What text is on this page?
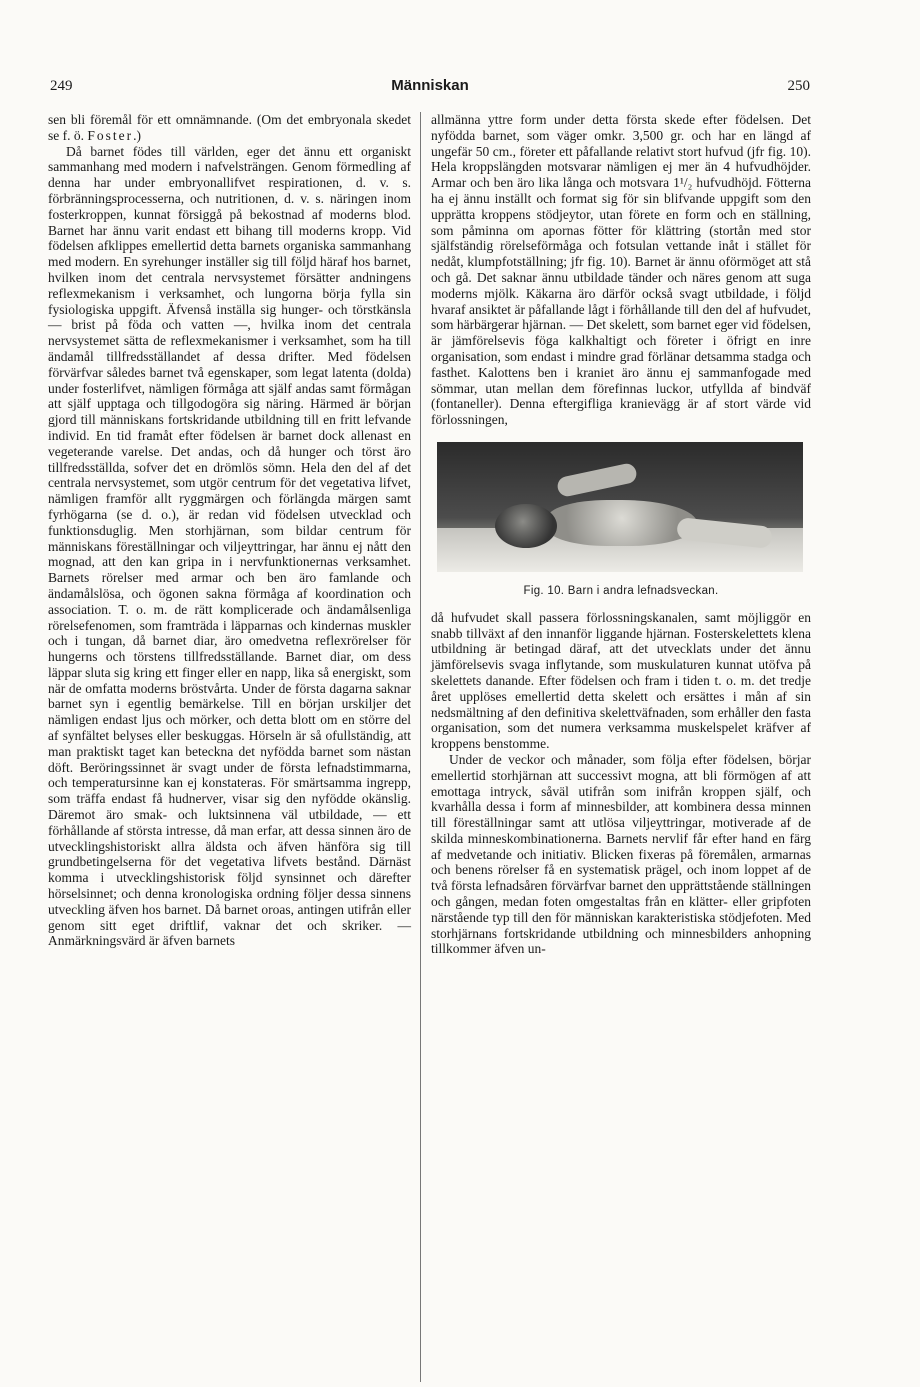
249	Människan	250

sen bli föremål för ett omnämnande. (Om det embryonala skedet se f. ö. Foster.)

Då barnet födes till världen, eger det ännu ett organiskt sammanhang med modern i nafvelsträngen. Genom förmedling af denna har under embryonallifvet respirationen, d. v. s. förbränningsprocesserna, och nutritionen, d. v. s. näringen inom fosterkroppen, kunnat försiggå på bekostnad af moderns blod. Barnet har ännu varit endast ett bihang till moderns kropp. Vid födelsen afklippes emellertid detta barnets organiska sammanhang med modern. En syrehunger inställer sig till följd häraf hos barnet, hvilken inom det centrala nervsystemet försätter andningens reflexmekanism i verksamhet, och lungorna börja fylla sin fysiologiska uppgift. Äfvenså inställa sig hunger- och törstkänsla — brist på föda och vatten —, hvilka inom det centrala nervsystemet sätta de reflexmekanismer i verksamhet, som ha till ändamål tillfredsställandet af dessa drifter. Med födelsen förvärfvar således barnet två egenskaper, som legat latenta (dolda) under fosterlifvet, nämligen förmåga att själf andas samt förmågan att själf upptaga och tillgodogöra sig näring. Härmed är början gjord till människans fortskridande utbildning till en fritt lefvande individ. En tid framåt efter födelsen är barnet dock allenast en vegeterande varelse. Det andas, och då hunger och törst äro tillfredsställda, sofver det en drömlös sömn. Hela den del af det centrala nervsystemet, som utgör centrum för det vegetativa lifvet, nämligen framför allt ryggmärgen och förlängda märgen samt fyrhögarna (se d. o.), är redan vid födelsen utvecklad och funktionsduglig. Men storhjärnan, som bildar centrum för människans föreställningar och viljeyttringar, har ännu ej nått den mognad, att den kan gripa in i nervfunktionernas verksamhet. Barnets rörelser med armar och ben äro famlande och ändamålslösa, och ögonen sakna förmåga af koordination och association. T. o. m. de rätt komplicerade och ändamålsenliga rörelsefenomen, som framträda i läpparnas och kindernas muskler och i tungan, då barnet diar, äro omedvetna reflexrörelser för hungerns och törstens tillfredsställande. Barnet diar, om dess läppar sluta sig kring ett finger eller en napp, lika så energiskt, som när de omfatta moderns bröstvårta. Under de första dagarna saknar barnet syn i egentlig bemärkelse. Till en början urskiljer det nämligen endast ljus och mörker, och detta blott om en större del af synfältet belyses eller beskuggas. Hörseln är så ofullständig, att man praktiskt taget kan beteckna det nyfödda barnet som nästan döft. Beröringssinnet är svagt under de första lefnadstimmarna, och temperatursinne kan ej konstateras. För smärtsamma ingrepp, som träffa endast få hudnerver, visar sig den nyfödde okänslig. Däremot äro smak- och luktsinnena väl utbildade, — ett förhållande af största intresse, då man erfar, att dessa sinnen äro de utvecklingshistoriskt allra äldsta och äfven hänföra sig till grundbetingelserna för det vegetativa lifvets bestånd. Därnäst komma i utvecklingshistorisk följd synsinnet och därefter hörselsinnet; och denna kronologiska ordning följer dessa sinnens utveckling äfven hos barnet. Då barnet oroas, antingen utifrån eller genom sitt eget driftlif, vaknar det och skriker. — Anmärkningsvärd är äfven barnets

allmänna yttre form under detta första skede efter födelsen. Det nyfödda barnet, som väger omkr. 3,500 gr. och har en längd af ungefär 50 cm., företer ett påfallande relativt stort hufvud (jfr fig. 10). Hela kroppslängden motsvarar nämligen ej mer än 4 hufvudhöjder. Armar och ben äro lika långa och motsvara 1¹/₂ hufvudhöjd. Fötterna ha ej ännu inställt och format sig för sin blifvande uppgift som den upprätta kroppens stödjeytor, utan förete en form och en ställning, som påminna om apornas fötter för klättring (stortån med stor själfständig rörelseförmåga och fotsulan vettande inåt i stället för nedåt, klumpfotställning; jfr fig. 10). Barnet är ännu oförmöget att stå och gå. Det saknar ännu utbildade tänder och näres genom att suga moderns mjölk. Käkarna äro därför också svagt utbildade, i följd hvaraf ansiktet är påfallande lågt i förhållande till den del af hufvudet, som härbärgerar hjärnan. — Det skelett, som barnet eger vid födelsen, är jämförelsevis föga kalkhaltigt och företer i öfrigt en inre organisation, som endast i mindre grad förlänar detsamma stadga och fasthet. Kalottens ben i kraniet äro ännu ej sammanfogade med sömmar, utan mellan dem förefinnas luckor, utfyllda af bindväf (fontaneller). Denna eftergifliga kranievägg är af stort värde vid förlossningen,

Fig. 10. Barn i andra lefnadsveckan.

då hufvudet skall passera förlossningskanalen, samt möjliggör en snabb tillväxt af den innanför liggande hjärnan. Fosterskelettets klena utbildning är betingad däraf, att det utvecklats under det ännu jämförelsevis svaga inflytande, som muskulaturen kunnat utöfva på skelettets danande. Efter födelsen och fram i tiden t. o. m. det tredje året upplöses emellertid detta skelett och ersättes i mån af sin nedsmältning af den definitiva skelettväfnaden, som erhåller den fasta organisation, som det numera verksamma muskelspelet kräfver af kroppens benstomme.

Under de veckor och månader, som följa efter födelsen, börjar emellertid storhjärnan att successivt mogna, att bli förmögen af att emottaga intryck, såväl utifrån som inifrån kroppen själf, och kvarhålla dessa i form af minnesbilder, att kombinera dessa minnen till föreställningar samt att utlösa viljeyttringar, motiverade af de skilda minneskombinationerna. Barnets nervlif får efter hand en färg af medvetande och initiativ. Blicken fixeras på föremålen, armarnas och benens rörelser få en systematisk prägel, och inom loppet af de två första lefnadsåren förvärfvar barnet den upprättstående ställningen och gången, medan foten omgestaltas från en klätter- eller gripfoten närstående typ till den för människan karakteristiska stödjefoten. Med storhjärnans fortskridande utbildning och minnesbilders anhopning tillkommer äfven un-
